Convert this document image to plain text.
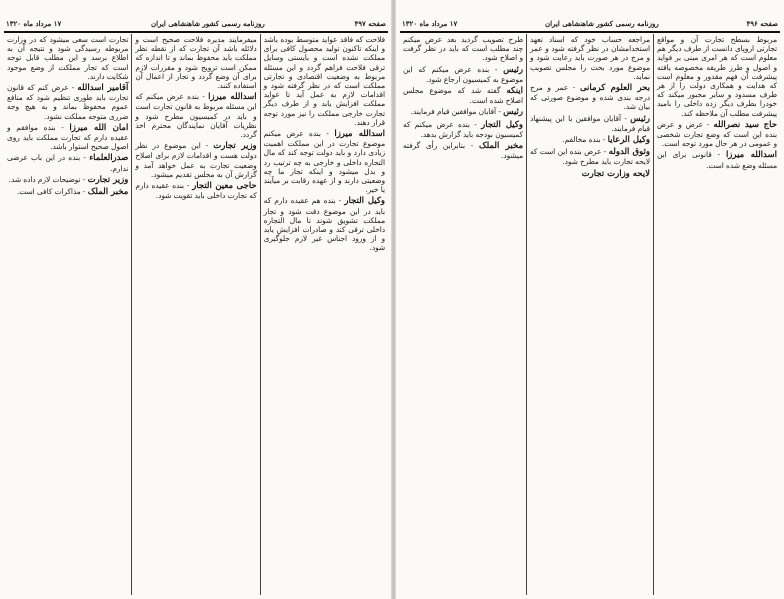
صفحه ۴۹۷
روزنامه رسمی کشور شاهنشاهی ایران
۱۷ مرداد ماه ۱۳۲۰

فلاحت که فاقد عواید متوسط بوده باشد و اینکه تاکنون تولید محصول کافی برای مملکت نشده است و بایستی وسایل ترقی فلاحت فراهم گردد و این مسئله مربوط به وضعیت اقتصادی و تجارتی مملکت است که در نظر گرفته شود و اقدامات لازم به عمل آید تا عواید مملکت افزایش یابد و از طرف دیگر تجارت خارجی مملکت را نیز مورد توجه قرار دهند.

اسدالله میرزا

- بنده عرض میکنم موضوع تجارت در این مملکت اهمیت زیادی دارد و باید دولت توجه کند که مال التجاره داخلی و خارجی به چه ترتیب رد و بدل میشود و اینکه تجار ما چه وضعیتی دارند و از عهده رقابت بر میآیند یا خیر.

وکیل التجار

- بنده هم عقیده دارم که باید در این موضوع دقت شود و تجار مملکت تشویق شوند تا مال التجاره داخلی ترقی کند و صادرات افزایش یابد و از ورود اجناس غیر لازم جلوگیری شود.

میفرمایند مدیره فلاحت صحیح است و دلائله باشد آن تجارت که از نقطه نظر مملکت باید محفوظ بماند و تا اندازه که ممکن است ترویج شود و مقررات لازم برای آن وضع گردد و تجار از اعمال آن استفاده کنند.

اسدالله میرزا

- بنده عرض میکنم که این مسئله مربوط به قانون تجارت است و باید در کمیسیون مطرح شود و نظریات آقایان نمایندگان محترم اخذ گردد.

وزیر تجارت

- این موضوع در نظر دولت هست و اقدامات لازم برای اصلاح وضعیت تجارت به عمل خواهد آمد و گزارش آن به مجلس تقدیم میشود.

حاجی معین التجار

- بنده عقیده دارم که تجارت داخلی باید تقویت شود.

تجارت است سعی میشود که در وزارت مربوطه رسیدگی شود و نتیجه آن به اطلاع برسد و این مطلب قابل توجه است که تجار مملکت از وضع موجود شکایت دارند.

آقامیر اسدالله

- عرض کنم که قانون تجارت باید طوری تنظیم شود که منافع عموم محفوظ بماند و به هیچ وجه ضرری متوجه مملکت نشود.

امان الله میرزا

- بنده موافقم و عقیده دارم که تجارت مملکت باید روی اصول صحیح استوار باشد.

صدرالعلماء

- بنده در این باب عرضی ندارم.

وزیر تجارت

- توضیحات لازم داده شد.

مخبر الملک

- مذاکرات کافی است.

صفحه ۴۹۶
روزنامه رسمی کشور شاهنشاهی ایران
۱۷ مرداد ماه ۱۳۲۰

مربوط بسطح تجارت آن و مواقع تجارتی اروپای دانست از طرف دیگر هم معلوم است که هر امری مبنی بر فواید و اصول و طرز طریقه مخصوصه یافته پیشرفت آن فهم مقدور و معلوم است که هدایت و همکاری دولت را از هر طرف مسدود و سایر مجبور میکند که خودرا بطرف دیگر زده داخلی را بامید پیشرفت مطلب آن ملاحظه کند.

حاج سید نصرالله

- عرض و عرض بنده این است که وضع تجارت شخصی و عمومی در هر حال مورد توجه است.

اسدالله میرزا

- قانونی برای این مسئله وضع شده است.

مراجعه حساب خود که اسناد تعهد استخدامشان در نظر گرفته شود و عمر و مرج در هر صورت باید رعایت شود و موضوع مورد بحث را مجلس تصویب نماید.

بحر العلوم کرمانی

- عمر و مرج درجه بندی شده و موضوع صورتی که بیان شد.

رئیس

- آقایان موافقین با این پیشنهاد قیام فرمایند.

وکیل الرعایا

- بنده مخالفم.

وثوق الدوله

- عرض بنده این است که لایحه تجارت باید مطرح شود.

لایحه وزارت تجارت

طرح تصویب گردید بعد عرض میکنم چند مطلب است که باید در نظر گرفت و اصلاح شود.

رئیس

- بنده عرض میکنم که این موضوع به کمیسیون ارجاع شود.

اینکه

گفته شد که موضوع مجلس اصلاح شده است.

رئیس

- آقایان موافقین قیام فرمایند.

وکیل التجار

- بنده عرض میکنم که کمیسیون بودجه باید گزارش بدهد.

مخبر الملک

- بنابراین رأی گرفته میشود.
